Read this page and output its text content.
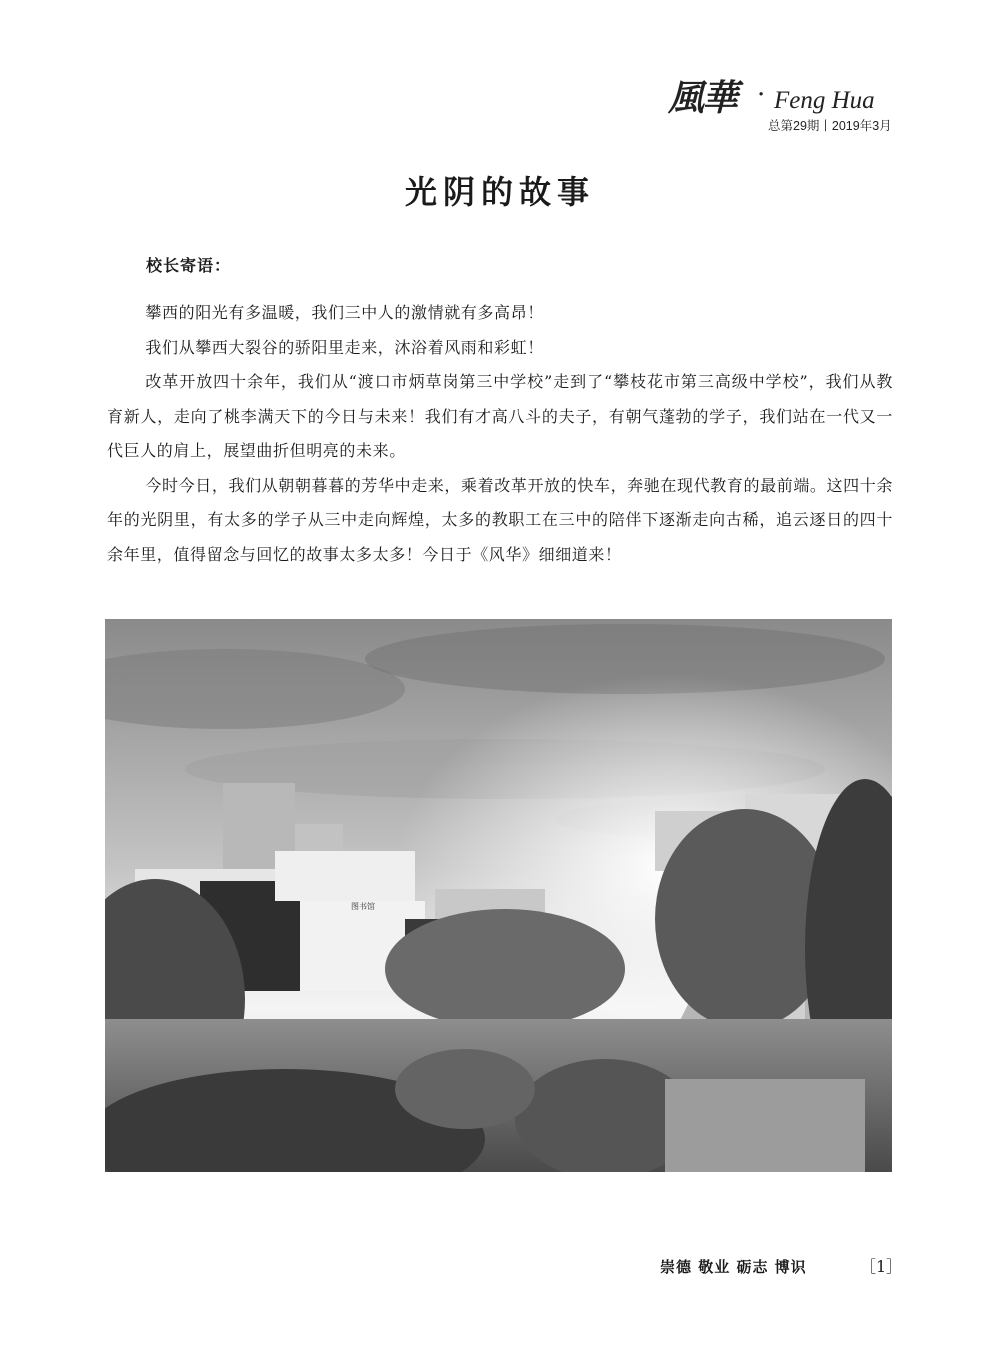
風華 · Feng Hua
总第29期丨2019年3月
光阴的故事
校长寄语：

攀西的阳光有多温暖，我们三中人的激情就有多高昂！

我们从攀西大裂谷的骄阳里走来，沐浴着风雨和彩虹！

改革开放四十余年，我们从“渡口市炳草岗第三中学校”走到了“攀枝花市第三高级中学校”，我们从教育新人，走向了桃李满天下的今日与未来！我们有才高八斗的夫子，有朝气蓬勃的学子，我们站在一代又一代巨人的肩上，展望曲折但明亮的未来。

今时今日，我们从朝朝暮暮的芳华中走来，乘着改革开放的快车，奔驰在现代教育的最前端。这四十余年的光阴里，有太多的学子从三中走向辉煌，太多的教职工在三中的陪伴下逐渐走向古稀，追云逐日的四十余年里，值得留念与回忆的故事太多太多！今日于《风华》细细道来！

图书馆
崇德 敬业 砺志 博识	［1］
